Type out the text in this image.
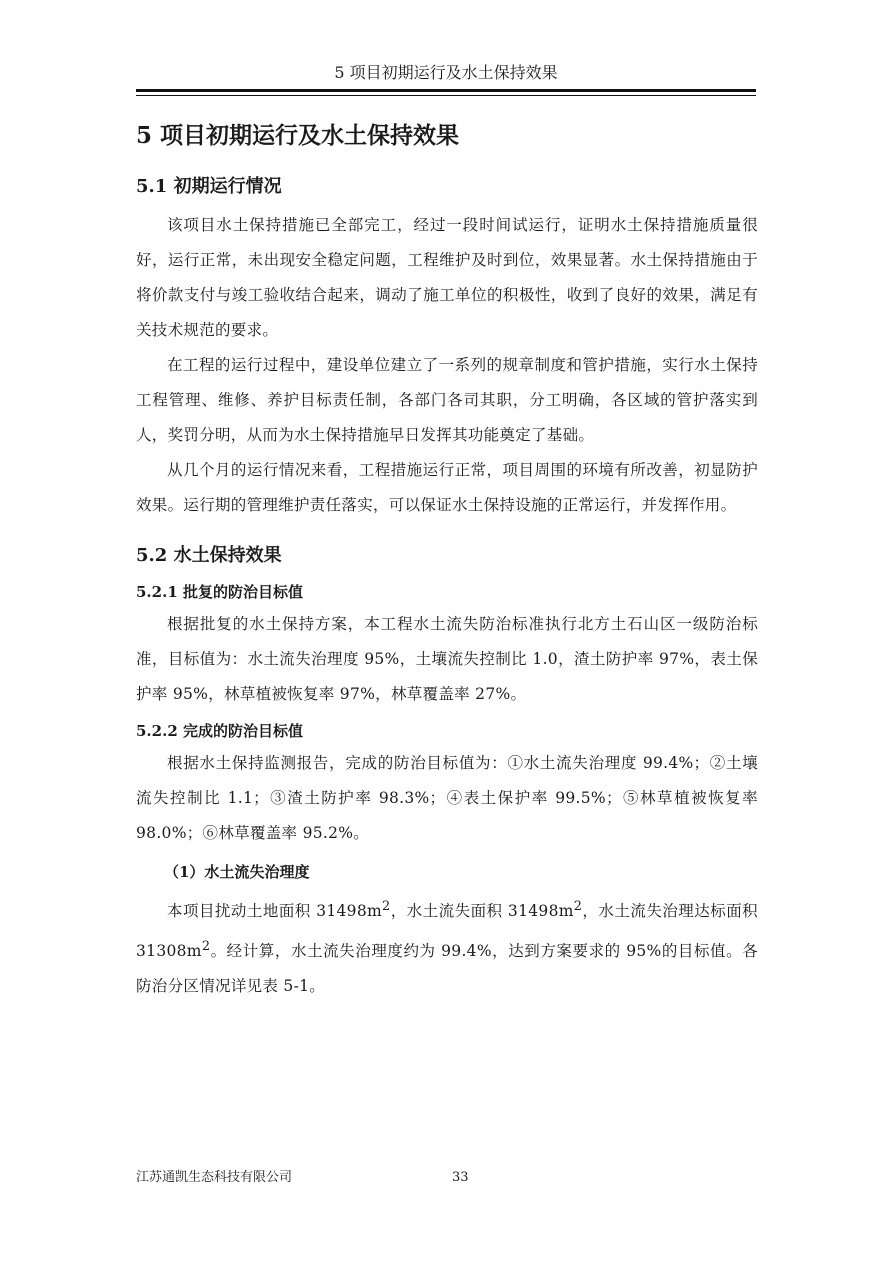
5 项目初期运行及水土保持效果
5 项目初期运行及水土保持效果
5.1 初期运行情况

该项目水土保持措施已全部完工，经过一段时间试运行，证明水土保持措施质量很好，运行正常，未出现安全稳定问题，工程维护及时到位，效果显著。水土保持措施由于将价款支付与竣工验收结合起来，调动了施工单位的积极性，收到了良好的效果，满足有关技术规范的要求。

在工程的运行过程中，建设单位建立了一系列的规章制度和管护措施，实行水土保持工程管理、维修、养护目标责任制，各部门各司其职，分工明确，各区域的管护落实到人，奖罚分明，从而为水土保持措施早日发挥其功能奠定了基础。

从几个月的运行情况来看，工程措施运行正常，项目周围的环境有所改善，初显防护效果。运行期的管理维护责任落实，可以保证水土保持设施的正常运行，并发挥作用。

5.2 水土保持效果
5.2.1 批复的防治目标值

根据批复的水土保持方案，本工程水土流失防治标准执行北方土石山区一级防治标准，目标值为：水土流失治理度 95%，土壤流失控制比 1.0，渣土防护率 97%，表土保护率 95%，林草植被恢复率 97%，林草覆盖率 27%。

5.2.2 完成的防治目标值

根据水土保持监测报告，完成的防治目标值为：①水土流失治理度 99.4%；②土壤流失控制比 1.1；③渣土防护率 98.3%；④表土保护率 99.5%；⑤林草植被恢复率 98.0%；⑥林草覆盖率 95.2%。

（1）水土流失治理度

本项目扰动土地面积 $31498m^2$，水土流失面积 $31498m^2$，水土流失治理达标面积 $31308m^2$。经计算，水土流失治理度约为 99.4%，达到方案要求的 95%的目标值。各防治分区情况详见表 5-1。

江苏通凯生态科技有限公司	33
